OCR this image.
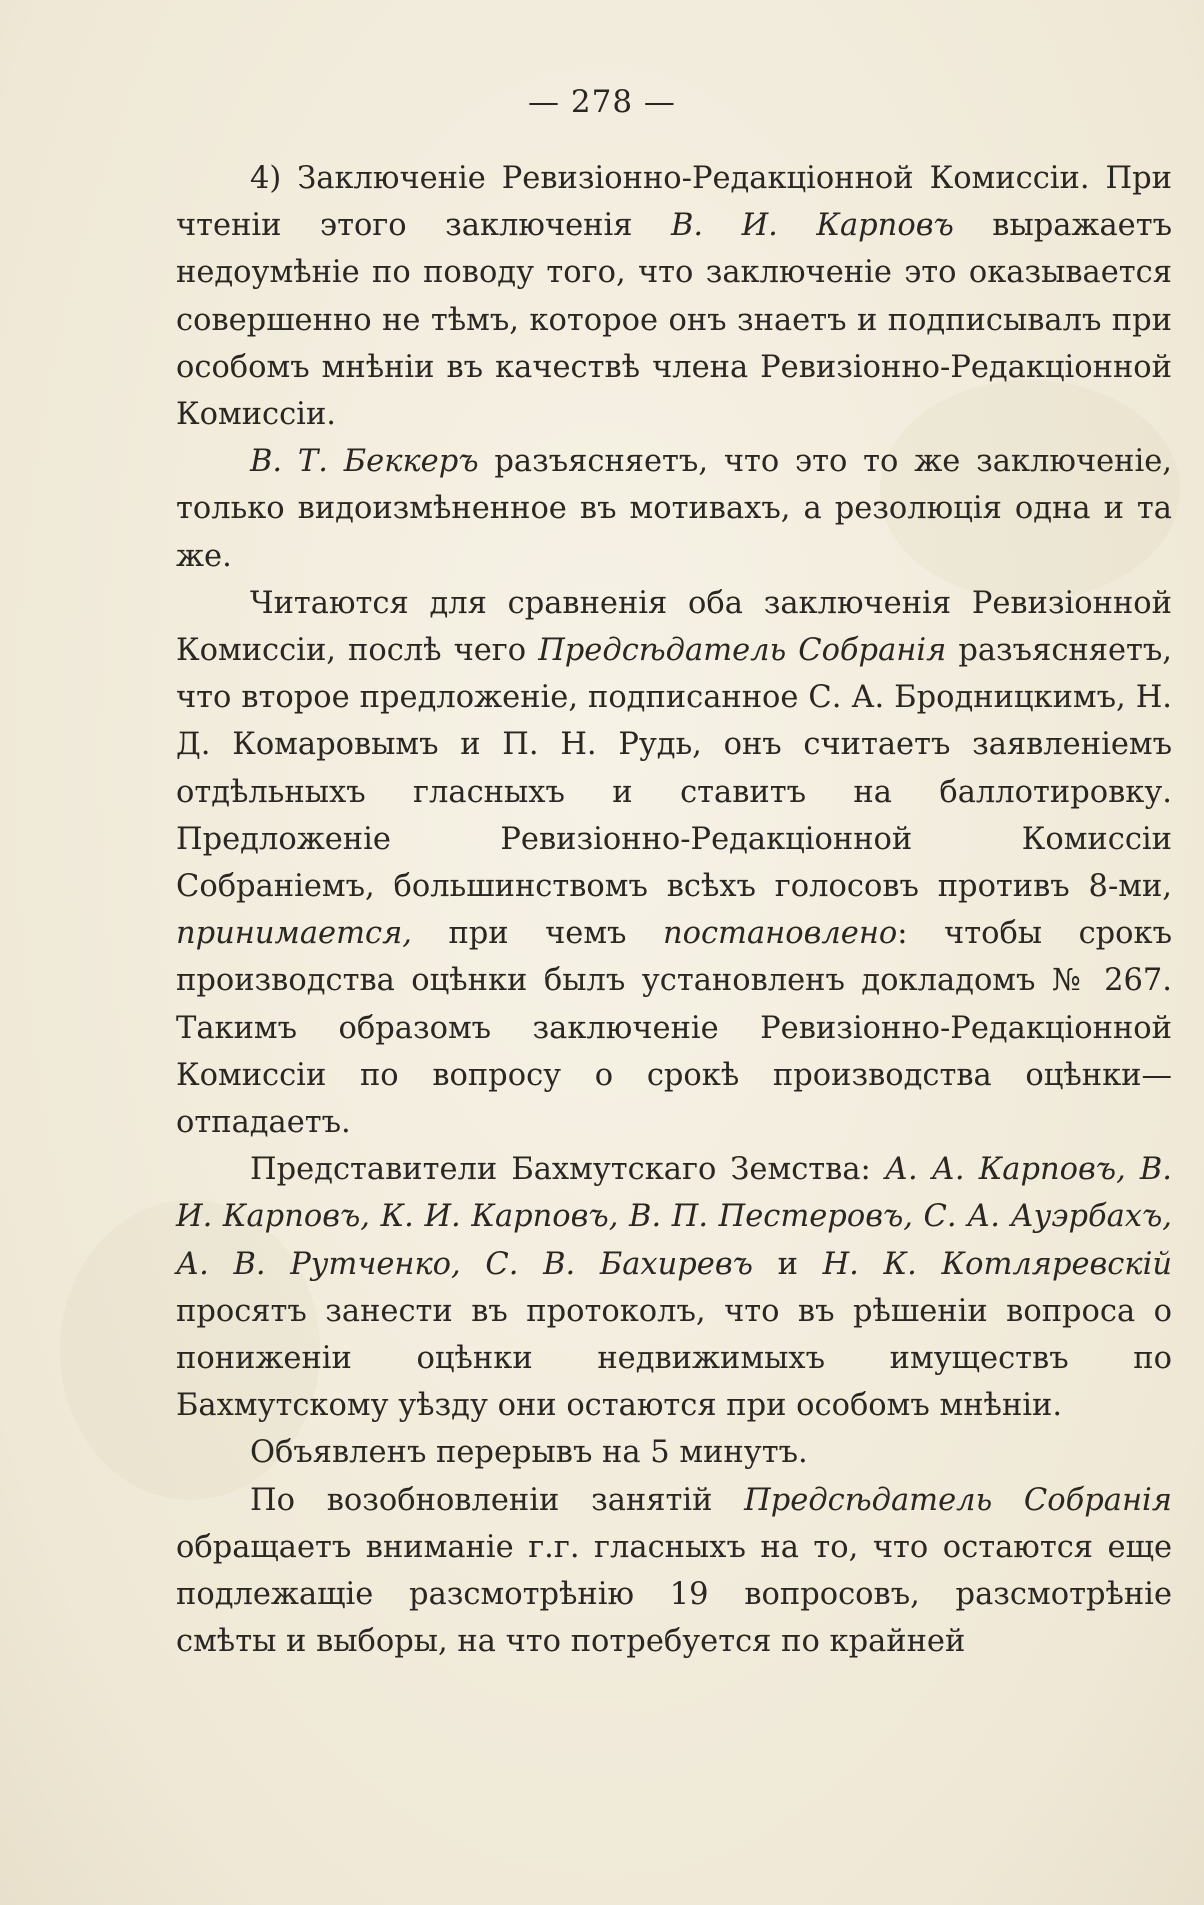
— 278 —

4) Заключеніе Ревизіонно-Редакціонной Комиссіи. При чтеніи этого заключенія В. И. Карповъ выражаетъ недоумѣніе по поводу того, что заключеніе это оказывается совершенно не тѣмъ, которое онъ знаетъ и подписывалъ при особомъ мнѣніи въ качествѣ члена Ревизіонно-Редакціонной Комиссіи.

В. Т. Беккеръ разъясняетъ, что это то же заключеніе, только видоизмѣненное въ мотивахъ, а резолюція одна и та же.

Читаются для сравненія оба заключенія Ревизіонной Комиссіи, послѣ чего Предсѣдатель Собранія разъясняетъ, что второе предложеніе, подписанное С. А. Бродницкимъ, Н. Д. Комаровымъ и П. Н. Рудь, онъ считаетъ заявленіемъ отдѣльныхъ гласныхъ и ставитъ на баллотировку. Предложеніе Ревизіонно-Редакціонной Комиссіи Собраніемъ, большинствомъ всѣхъ голосовъ противъ 8-ми, принимается, при чемъ постановлено: чтобы срокъ производства оцѣнки былъ установленъ докладомъ № 267. Такимъ образомъ заключеніе Ревизіонно-Редакціонной Комиссіи по вопросу о срокѣ производства оцѣнки—отпадаетъ.

Представители Бахмутскаго Земства: А. А. Карповъ, В. И. Карповъ, К. И. Карповъ, В. П. Пестеровъ, С. А. Ауэрбахъ, А. В. Рутченко, С. В. Бахиревъ и Н. К. Котляревскій просятъ занести въ протоколъ, что въ рѣшеніи вопроса о пониженіи оцѣнки недвижимыхъ имуществъ по Бахмутскому уѣзду они остаются при особомъ мнѣніи.

Объявленъ перерывъ на 5 минутъ.

По возобновленіи занятій Предсѣдатель Собранія обращаетъ вниманіе г.г. гласныхъ на то, что остаются еще подлежащіе разсмотрѣнію 19 вопросовъ, разсмотрѣніе смѣты и выборы, на что потребуется по крайней
